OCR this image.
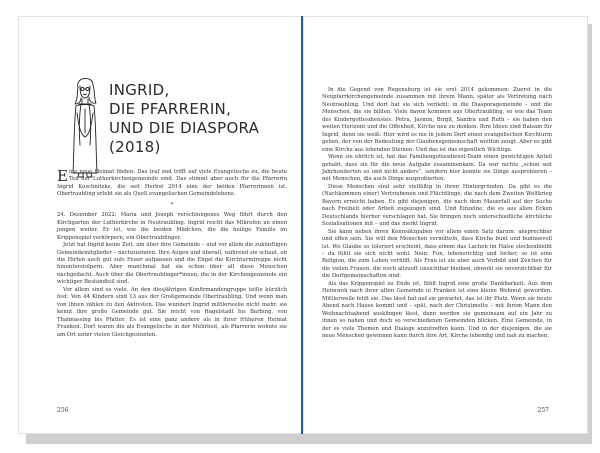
INGRID,
DIE PFARRERIN,
UND DIE DIASPORA
(2018)

Eine neue Heimat finden: Das traf und trifft auf viele Evangelische zu, die heute Teil der Lutherkirchengemeinde sind. Das stimmt aber auch für die Pfarrerin Ingrid Koschnitzke, die seit Herbst 2014 eine der beiden Pfarrerinnen ist. Obertraubling erlebt sie als Quell evangelischen Gemeindelebens.

*

24. Dezember 2022: Maria und Joseph verschlungenes Weg führt durch den Kirchgarten der Lutherkirche in Neutraubling. Ingrid reicht das Mikrofon an einen jungen weiter. Er ist, wie die beiden Mädchen, die die heilige Familie im Krippenspiel verkörpern, ein Obertraublinger.

Jetzt hat Ingrid keine Zeit, um über ihre Gemeinde – und vor allem die zukünftigen Gemeindemitglieder – nachzusinnen. Ihre Augen und überall, während sie schaut, ob die Hirten auch gut zufs Feuer aufpassen und die Engel die Kirchturmtreppe nicht hinunterstolpern. Aber manchmal hat sie schon über all diese Menschen nachgedacht. Auch über die Obertraublinger*innen, die in der Kirchengemeinde ein wichtiger Bestandteil sind.

Vor allem sind es viele. An den diesjährigen Konfirmandengruppe teilte kürzlich fest: Von 44 Kindern sind 13 aus der Großgemeinde Obertraubling. Und wenn man von ihnen zählen zu den Aktivsten. Das wundert Ingrid mittlerweile nicht mehr, sie kennt ihre große Gemeinde gut. Sie reicht von Hagelstadt bis Barbing, von Thalmassing bis Pfatter. Es ist eine ganz andere als in ihrer früheren Heimat Franken. Dort waren die als Evangelische in der Mehrheit, als Pfarrerin wohnte sie am Ort unter vielen Gleichgesinnten.

256

In die Gegend von Regensburg ist sie erst 2014 gekommen: Zuerst in die Neupfarrkirchengemeinde zusammen mit ihrem Mann, später als Vertretung nach Neutraubling. Und dort hat sie sich verliebt: in die Diasporagemeinde – und die Menschen, die sie bilden. Viele davon kommen aus Obertraubling, so wie das Team des Kindergottesdienstes. Petra, Jasmin, Birgit, Sandra und Ruth – sie haben den weiten Horizont und die Offenheit, Kirche neu zu denken. Ihre Ideen sind Balsam für Ingrid, denn sie weiß: Hier wird es nie in jedem Dorf einen evangelischen Kirchturm geben, der von der Bedeutung der Glaubensgemeinschaft weithin zeugt. Aber es gibt eine Kirche aus lebenden Steinen. Und das ist das eigentlich Wichtige.

Wenn sie ehrlich ist, hat das Familiengottesdienst-Team einen gewichtigen Anteil gehabt, dass sie für die neue Aufgabe zusammenkam. Da war nichts „schon seit Jahrhunderten so und nicht anders“, sondern hier konnte sie Dinge ausprobieren – mit Menschen, die auch Dinge ausprobierten.

Diese Menschen sind sehr vielfältig in ihren Hintergründen. Da gibt es die (Nachkommen einer) Vertriebenen und Flüchtlinge, die nach dem Zweiten Weltkrieg Bayern erreicht haben. Es gibt diejenigen, die nach dem Mauerfall auf der Suche nach Freiheit oder Arbeit zugezogen sind. Und Einzelne, die es aus allen Ecken Deutschlands hierher verschlagen hat. Sie bringen noch unterschiedliche kirchliche Sozialisationen mit – und das merkt Ingrid.

Sie kann neben ihren Kennsätzgaben vor allem einen Satz darum: ansprechbar und offen sein. Sie will den Menschen vermitteln, dass Kirche bunt und bunnoevoll ist. Wo Glaube so toleriert erscheint, dass einem das Lachen im Halse steckenbleibt – da fühlt sie sich nicht wohl. Nein: Fun, lebensrichtig und locker, so ist eine Religion, die zum Leben verhilft. Als Frau ist sie aber auch Vorbild und Zeichen für die vielen Frauen, die noch allzuoft unsichtbar bleiben, obwohl sie unverzichtbar für die Dorfgemeinschaften sind.

Als das Krippenspiel zu Ende ist, fühlt Ingrid eine große Dankbarkeit. Aus dem Heimweh nach ihrer alten Gemeinde in Franken ist eine kleine Wehmut geworden. Mittlerweile fehlt sie: Das lässt hat auf sie gewartet, das ist ihr Platz. Wenn sie heute Abend nach Hause kommt und – spät, nach der Christmette – mit ihrem Mann den Weihnachtsabend ausklingen lässt, dann werden sie gemeinsam auf ein Jahr zu ihnen so nahen und doch so verschiedenen Gemeinden blicken. Eine Gemeinde, in der es viele Themen und Dialoge anzutreffen kann. Und in der diejenigen, die sie neue Menschen gewinnen kann durch ihre Art, Kirche lebendig und nah zu machen.

257
